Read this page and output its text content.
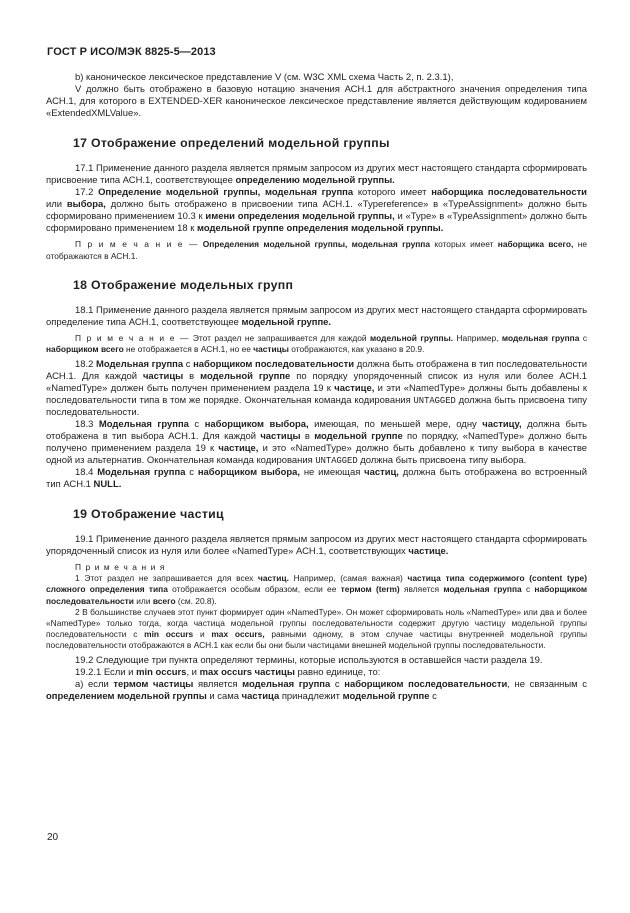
ГОСТ Р ИСО/МЭК 8825-5—2013

b) каноническое лексическое представление V (см. W3C XML схема Часть 2, п. 2.3.1),

V должно быть отображено в базовую нотацию значения АСН.1 для абстрактного значения определения типа АСН.1, для которого в EXTENDED-XER каноническое лексическое представление является действующим кодированием «ExtendedXMLValue».

17 Отображение определений модельной группы

17.1 Применение данного раздела является прямым запросом из других мест настоящего стандарта сформировать присвоение типа АСН.1, соответствующее определению модельной группы.

17.2 Определение модельной группы, модельная группа которого имеет наборщика последовательности или выбора, должно быть отображено в присвоении типа АСН.1. «Typereference» в «TypeAssignment» должно быть сформировано применением 10.3 к имени определения модельной группы, и «Type» в «TypeAssignment» должно быть сформировано применением 18 к модельной группе определения модельной группы.

П р и м е ч а н и е — Определения модельной группы, модельная группа которых имеет наборщика всего, не отображаются в АСН.1.

18 Отображение модельных групп

18.1 Применение данного раздела является прямым запросом из других мест настоящего стандарта сформировать определение типа АСН.1, соответствующее модельной группе.

П р и м е ч а н и е — Этот раздел не запрашивается для каждой модельной группы. Например, модельная группа с наборщиком всего не отображается в АСН.1, но ее частицы отображаются, как указано в 20.9.

18.2 Модельная группа с наборщиком последовательности должна быть отображена в тип последовательности АСН.1. Для каждой частицы в модельной группе по порядку упорядоченный список из нуля или более АСН.1 «NamedType» должен быть получен применением раздела 19 к частице, и эти «NamedType» должны быть добавлены к последовательности типа в том же порядке. Окончательная команда кодирования UNTAGGED должна быть присвоена типу последовательности.

18.3 Модельная группа с наборщиком выбора, имеющая, по меньшей мере, одну частицу, должна быть отображена в тип выбора АСН.1. Для каждой частицы в модельной группе по порядку, «NamedType» должно быть получено применением раздела 19 к частице, и это «NamedType» должно быть добавлено к типу выбора в качестве одной из альтернатив. Окончательная команда кодирования UNTAGGED должна быть присвоена типу выбора.

18.4 Модельная группа с наборщиком выбора, не имеющая частиц, должна быть отображена во встроенный тип АСН.1 NULL.

19 Отображение частиц

19.1 Применение данного раздела является прямым запросом из других мест настоящего стандарта сформировать упорядоченный список из нуля или более «NamedType» АСН.1, соответствующих частице.

П р и м е ч а н и я

1 Этот раздел не запрашивается для всех частиц. Например, (самая важная) частица типа содержимого (content type) сложного определения типа отображается особым образом, если ее термом (term) является модельная группа с наборщиком последовательности или всего (см. 20.8).

2 В большинстве случаев этот пункт формирует один «NamedType». Он может сформировать ноль «NamedType» или два и более «NamedType» только тогда, когда частица модельной группы последовательности содержит другую частицу модельной группы последовательности с min occurs и max occurs, равными одному, в этом случае частицы внутренней модельной группы последовательности отображаются в АСН.1 как если бы они были частицами внешней модельной группы последовательности.

19.2 Следующие три пункта определяют термины, которые используются в оставшейся части раздела 19.

19.2.1 Если и min occurs, и max occurs частицы равно единице, то:

а) если термом частицы является модельная группа с наборщиком последовательности, не связанным с определением модельной группы и сама частица принадлежит модельной группе с

20
